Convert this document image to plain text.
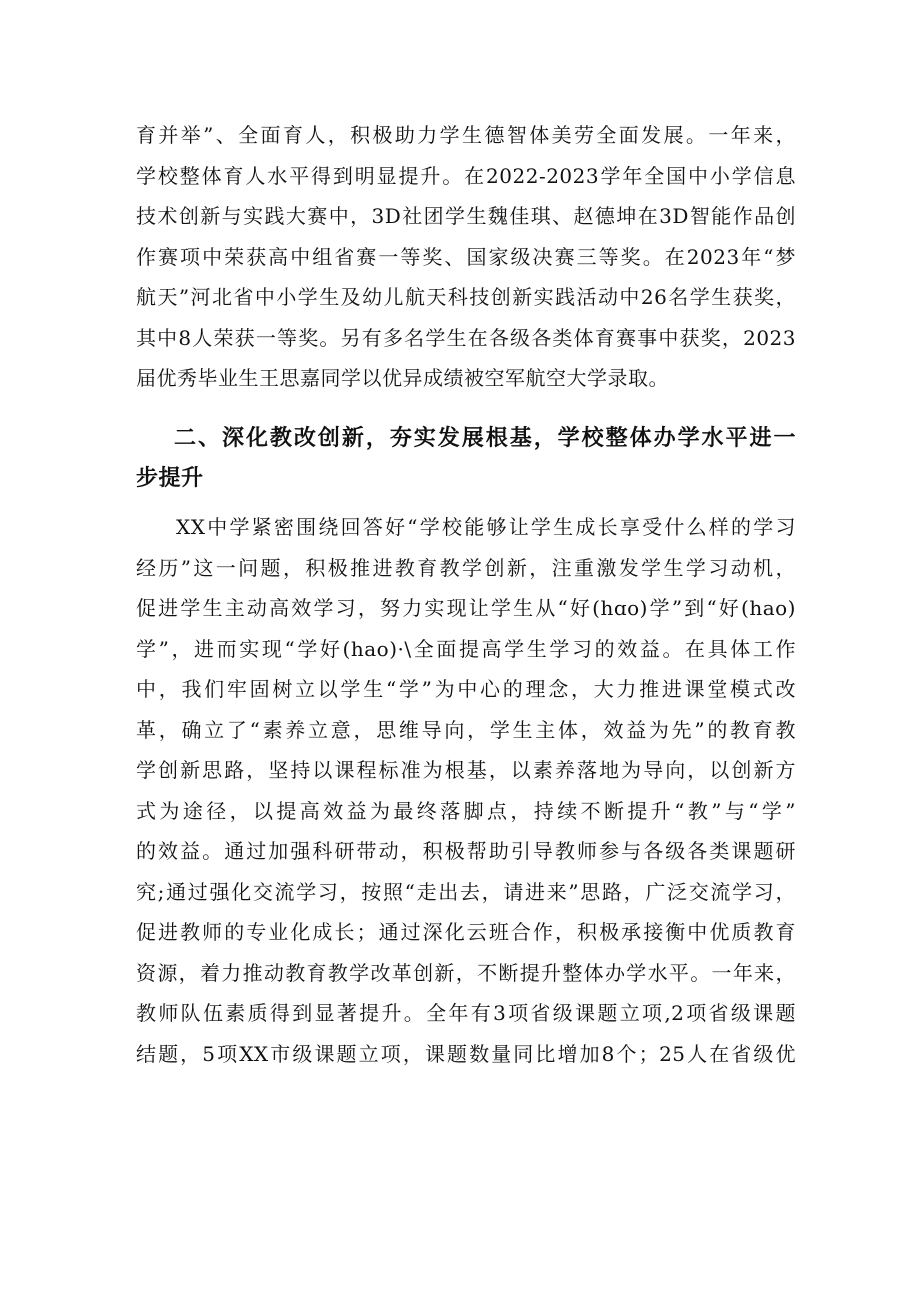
育并举”、全面育人，积极助力学生德智体美劳全面发展。一年来，
学校整体育人水平得到明显提升。在2022-2023学年全国中小学信息
技术创新与实践大赛中，3D社团学生魏佳琪、赵德坤在3D智能作品创
作赛项中荣获高中组省赛一等奖、国家级决赛三等奖。在2023年“梦
航天”河北省中小学生及幼儿航天科技创新实践活动中26名学生获奖，
其中8人荣获一等奖。另有多名学生在各级各类体育赛事中获奖，2023
届优秀毕业生王思嘉同学以优异成绩被空军航空大学录取。
二、深化教改创新，夯实发展根基，学校整体办学水平进一
步提升
XX中学紧密围绕回答好“学校能够让学生成长享受什么样的学习
经历”这一问题，积极推进教育教学创新，注重激发学生学习动机，
促进学生主动高效学习，努力实现让学生从“好(hɑo)学”到“好(hao)
学”，进而实现“学好(hao)·\全面提高学生学习的效益。在具体工作
中，我们牢固树立以学生“学”为中心的理念，大力推进课堂模式改
革，确立了“素养立意，思维导向，学生主体，效益为先”的教育教
学创新思路，坚持以课程标准为根基，以素养落地为导向，以创新方
式为途径，以提高效益为最终落脚点，持续不断提升“教”与“学”
的效益。通过加强科研带动，积极帮助引导教师参与各级各类课题研
究;通过强化交流学习，按照“走出去，请进来”思路，广泛交流学习，
促进教师的专业化成长；通过深化云班合作，积极承接衡中优质教育
资源，着力推动教育教学改革创新，不断提升整体办学水平。一年来，
教师队伍素质得到显著提升。全年有3项省级课题立项,2项省级课题
结题，5项XX市级课题立项，课题数量同比增加8个；25人在省级优
